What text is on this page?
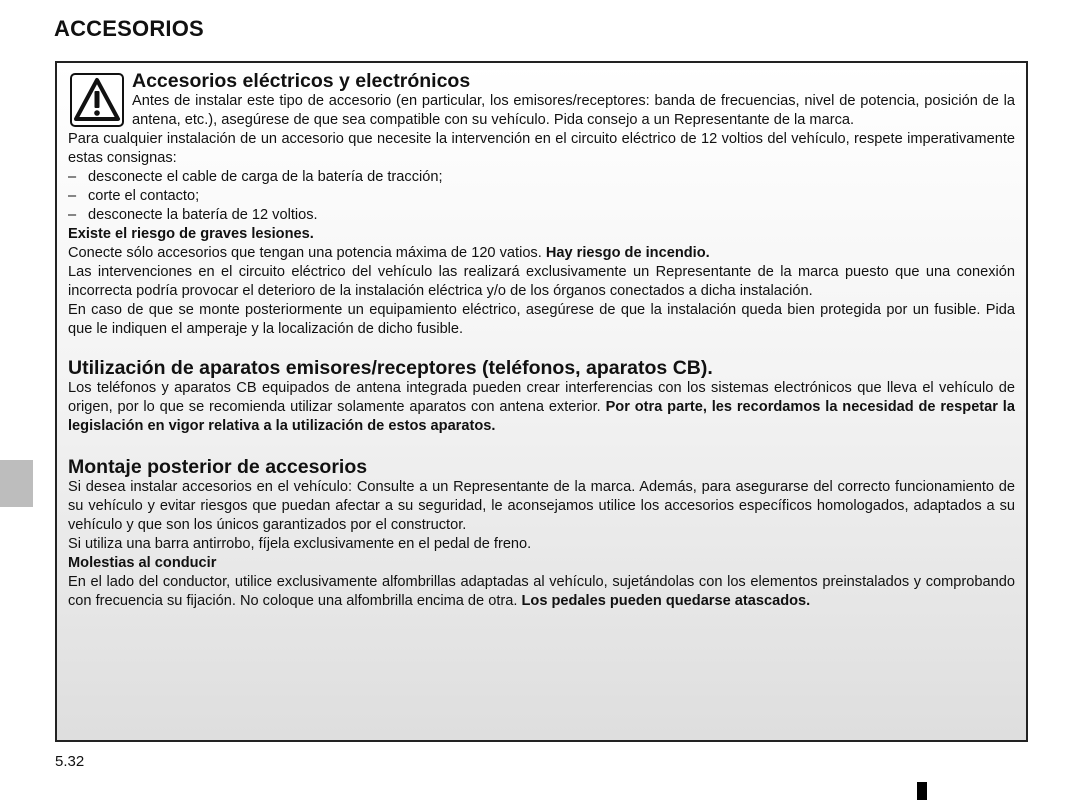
ACCESORIOS
Accesorios eléctricos y electrónicos

Antes de instalar este tipo de accesorio (en particular, los emisores/receptores: banda de frecuencias, nivel de potencia, posición de la antena, etc.), asegúrese de que sea compatible con su vehículo. Pida consejo a un Representante de la marca.

Para cualquier instalación de un accesorio que necesite la intervención en el circuito eléctrico de 12 voltios del vehículo, respete imperativamente estas consignas:

– desconecte el cable de carga de la batería de tracción;
– corte el contacto;
– desconecte la batería de 12 voltios.

Existe el riesgo de graves lesiones.

Conecte sólo accesorios que tengan una potencia máxima de 120 vatios. Hay riesgo de incendio.

Las intervenciones en el circuito eléctrico del vehículo las realizará exclusivamente un Representante de la marca puesto que una conexión incorrecta podría provocar el deterioro de la instalación eléctrica y/o de los órganos conectados a dicha instalación.

En caso de que se monte posteriormente un equipamiento eléctrico, asegúrese de que la instalación queda bien protegida por un fusible. Pida que le indiquen el amperaje y la localización de dicho fusible.

Utilización de aparatos emisores/receptores (teléfonos, aparatos CB).

Los teléfonos y aparatos CB equipados de antena integrada pueden crear interferencias con los sistemas electrónicos que lleva el vehículo de origen, por lo que se recomienda utilizar solamente aparatos con antena exterior. Por otra parte, les recordamos la necesidad de respetar la legislación en vigor relativa a la utilización de estos aparatos.

Montaje posterior de accesorios

Si desea instalar accesorios en el vehículo: Consulte a un Representante de la marca. Además, para asegurarse del correcto funcionamiento de su vehículo y evitar riesgos que puedan afectar a su seguridad, le aconsejamos utilice los accesorios específicos homologados, adaptados a su vehículo y que son los únicos garantizados por el constructor.

Si utiliza una barra antirrobo, fíjela exclusivamente en el pedal de freno.

Molestias al conducir

En el lado del conductor, utilice exclusivamente alfombrillas adaptadas al vehículo, sujetándolas con los elementos preinstalados y comprobando con frecuencia su fijación. No coloque una alfombrilla encima de otra. Los pedales pueden quedarse atascados.

5.32
